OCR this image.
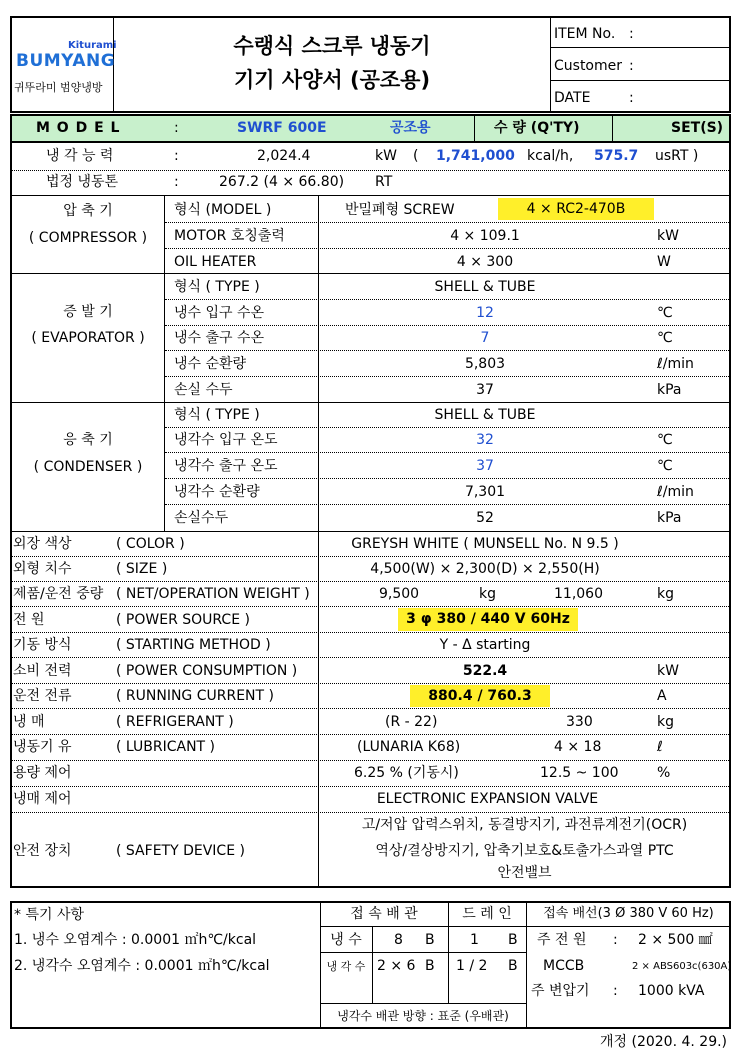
Kiturami
BUMYANG
귀뚜라미 범양냉방
수랭식 스크루 냉동기
기기 사양서 (공조용)
ITEM No. :
Customer :
DATE	:
M O D E L	:	SWRF 600E	공조용	수 량 (Q'TY)	SET(S)
냉 각 능 력	:	2,024.4	kW ( 1,741,000 kcal/h, 575.7 usRT )
법정 냉동톤	:	267.2 (4 × 66.80) RT
압 축 기
( COMPRESSOR )
형식 (MODEL )	반밀폐형 SCREW	4 × RC2-470B
MOTOR 호칭출력	4 × 109.1	kW
OIL HEATER	4 × 300	W
증 발 기
( EVAPORATOR )
형식 ( TYPE )	SHELL & TUBE
냉수 입구 수온	12	℃
냉수 출구 수온	7	℃
냉수 순환량	5,803	ℓ/min
손실 수두	37	kPa
응 축 기
( CONDENSER )
형식 ( TYPE )	SHELL & TUBE
냉각수 입구 온도	32	℃
냉각수 출구 온도	37	℃
냉각수 순환량	7,301	ℓ/min
손실수두	52	kPa
외장 색상	( COLOR )	GREYSH WHITE ( MUNSELL No. N 9.5 )
외형 치수	( SIZE )	4,500(W) × 2,300(D) × 2,550(H)
제품/운전 중량 ( NET/OPERATION WEIGHT )	9,500	kg	11,060	kg
전 원	( POWER SOURCE )	3 φ 380 / 440 V 60Hz
기동 방식	( STARTING METHOD )	Y - Δ starting
소비 전력	( POWER CONSUMPTION )	522.4	kW
운전 전류	( RUNNING CURRENT )	880.4 / 760.3	A
냉 매	( REFRIGERANT )	(R - 22)	330	kg
냉동기 유	( LUBRICANT )	(LUNARIA K68)	4 × 18	ℓ
용량 제어	6.25 % (기동시)	12.5 ~ 100	%
냉매 제어	ELECTRONIC EXPANSION VALVE
안전 장치	( SAFETY DEVICE )
고/저압 압력스위치, 동결방지기, 과전류계전기(OCR)
역상/결상방지기, 압축기보호&토출가스과열 PTC
안전밸브
* 특기 사항
1. 냉수 오염계수 : 0.0001 ㎡h℃/kcal
2. 냉각수 오염계수 : 0.0001 ㎡h℃/kcal
접 속 배 관	드 레 인
냉 수	8 B	1 B
냉 각 수 2 × 6 B 1 / 2 B
냉각수 배관 방향 : 표준 (우배관)
접속 배선(3 Ø 380 V 60 Hz)
주 전 원 : 2 × 500 ㎟
MCCB	2 × ABS603c(630A)
주 변압기 : 1000 kVA
개정 (2020. 4. 29.)
